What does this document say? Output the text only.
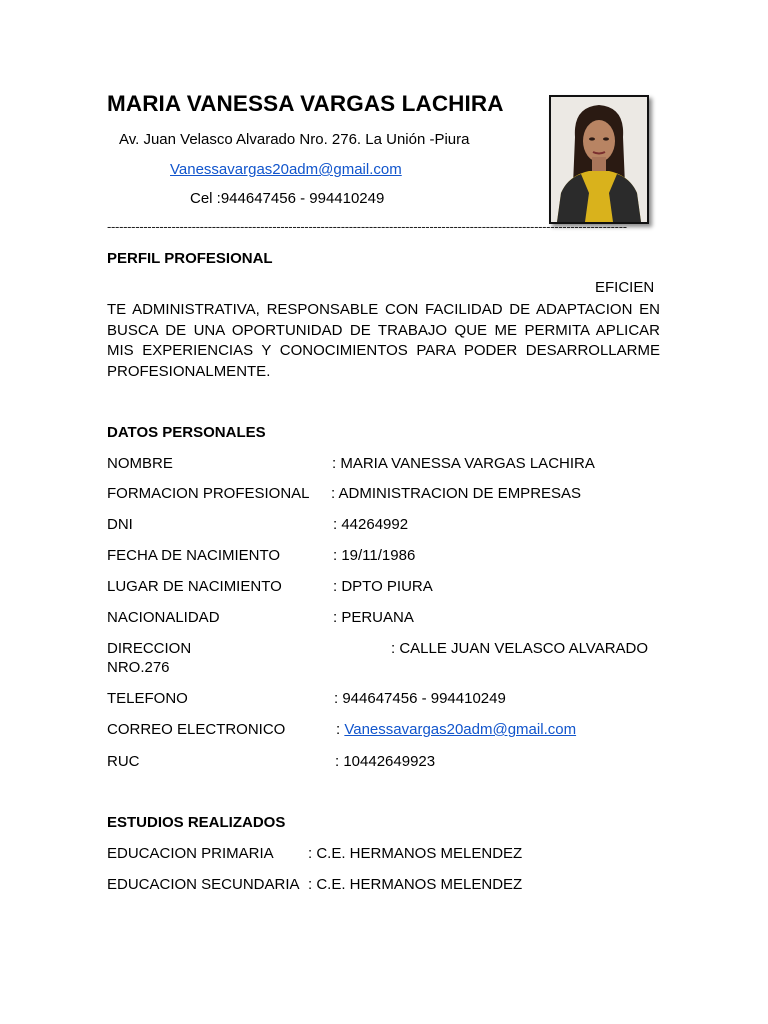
MARIA VANESSA VARGAS LACHIRA
Av. Juan Velasco Alvarado Nro. 276. La Unión -Piura
Vanessavargas20adm@gmail.com
Cel :944647456 - 994410249
---------------------------------------------------------------------------------------------------------------------------------
PERFIL PROFESIONAL
EFICIEN
TE ADMINISTRATIVA, RESPONSABLE CON FACILIDAD DE ADAPTACION EN BUSCA DE UNA OPORTUNIDAD DE TRABAJO QUE ME PERMITA APLICAR MIS EXPERIENCIAS Y CONOCIMIENTOS PARA PODER DESARROLLARME PROFESIONALMENTE.
DATOS PERSONALES
NOMBRE	: MARIA VANESSA VARGAS LACHIRA
FORMACION PROFESIONAL : ADMINISTRACION DE EMPRESAS
DNI	: 44264992
FECHA DE NACIMIENTO	: 19/11/1986
LUGAR DE NACIMIENTO	: DPTO PIURA
NACIONALIDAD	: PERUANA
DIRECCION	: CALLE JUAN VELASCO ALVARADO
NRO.276
TELEFONO	: 944647456 - 994410249
CORREO ELECTRONICO	: Vanessavargas20adm@gmail.com
RUC	: 10442649923
ESTUDIOS REALIZADOS
EDUCACION PRIMARIA : C.E. HERMANOS MELENDEZ
EDUCACION SECUNDARIA : C.E. HERMANOS MELENDEZ
